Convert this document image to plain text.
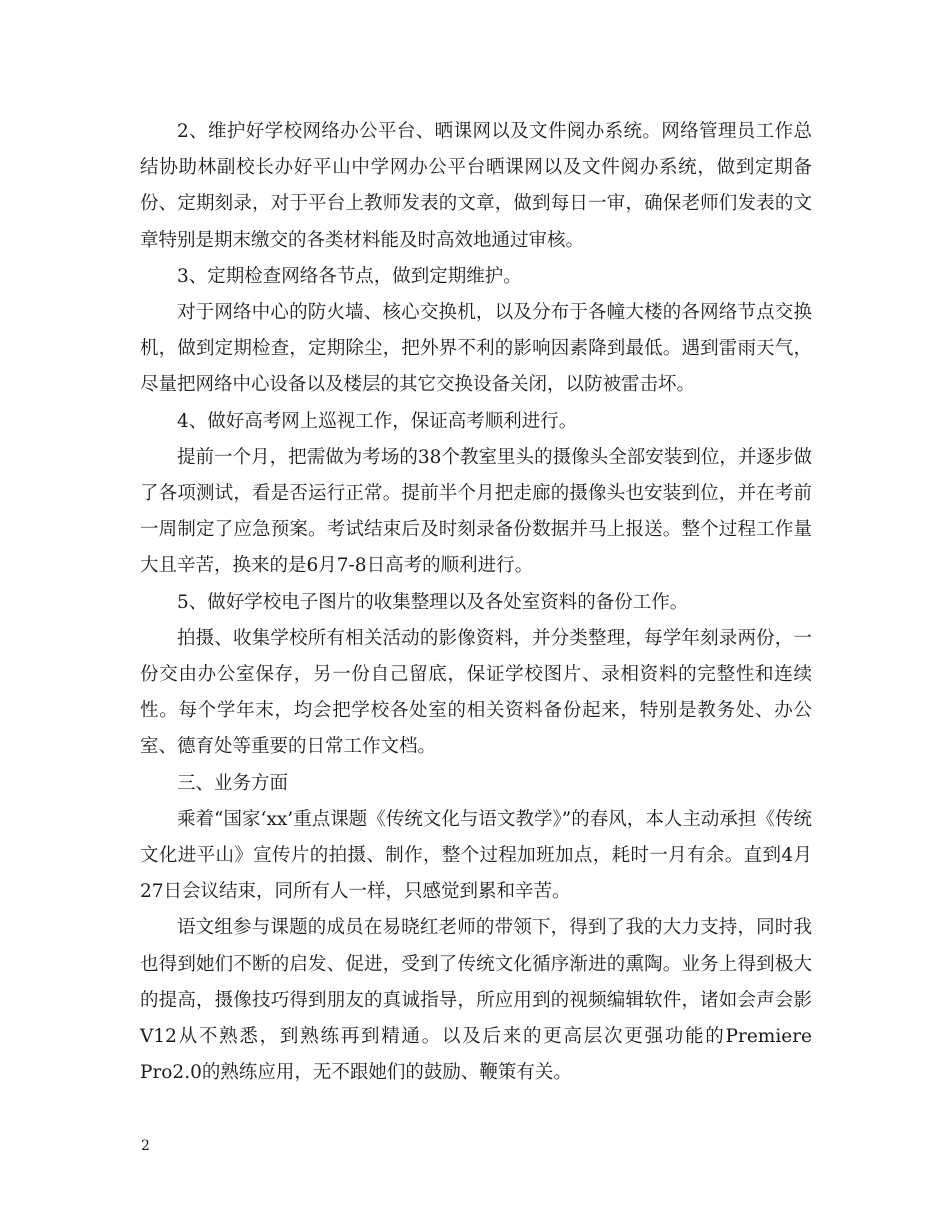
2、维护好学校网络办公平台、晒课网以及文件阅办系统。网络管理员工作总结协助林副校长办好平山中学网办公平台晒课网以及文件阅办系统，做到定期备份、定期刻录，对于平台上教师发表的文章，做到每日一审，确保老师们发表的文章特别是期末缴交的各类材料能及时高效地通过审核。

3、定期检查网络各节点，做到定期维护。

对于网络中心的防火墙、核心交换机，以及分布于各幢大楼的各网络节点交换机，做到定期检查，定期除尘，把外界不利的影响因素降到最低。遇到雷雨天气，尽量把网络中心设备以及楼层的其它交换设备关闭，以防被雷击坏。

4、做好高考网上巡视工作，保证高考顺利进行。

提前一个月，把需做为考场的38个教室里头的摄像头全部安装到位，并逐步做了各项测试，看是否运行正常。提前半个月把走廊的摄像头也安装到位，并在考前一周制定了应急预案。考试结束后及时刻录备份数据并马上报送。整个过程工作量大且辛苦，换来的是6月7-8日高考的顺利进行。

5、做好学校电子图片的收集整理以及各处室资料的备份工作。

拍摄、收集学校所有相关活动的影像资料，并分类整理，每学年刻录两份，一份交由办公室保存，另一份自己留底，保证学校图片、录相资料的完整性和连续性。每个学年末，均会把学校各处室的相关资料备份起来，特别是教务处、办公室、德育处等重要的日常工作文档。

三、业务方面

乘着“国家‘xx’重点课题《传统文化与语文教学》”的春风，本人主动承担《传统文化进平山》宣传片的拍摄、制作，整个过程加班加点，耗时一月有余。直到4月27日会议结束，同所有人一样，只感觉到累和辛苦。

语文组参与课题的成员在易晓红老师的带领下，得到了我的大力支持，同时我也得到她们不断的启发、促进，受到了传统文化循序渐进的熏陶。业务上得到极大的提高，摄像技巧得到朋友的真诚指导，所应用到的视频编辑软件，诸如会声会影V12从不熟悉，到熟练再到精通。以及后来的更高层次更强功能的Premiere Pro2.0的熟练应用，无不跟她们的鼓励、鞭策有关。

2
